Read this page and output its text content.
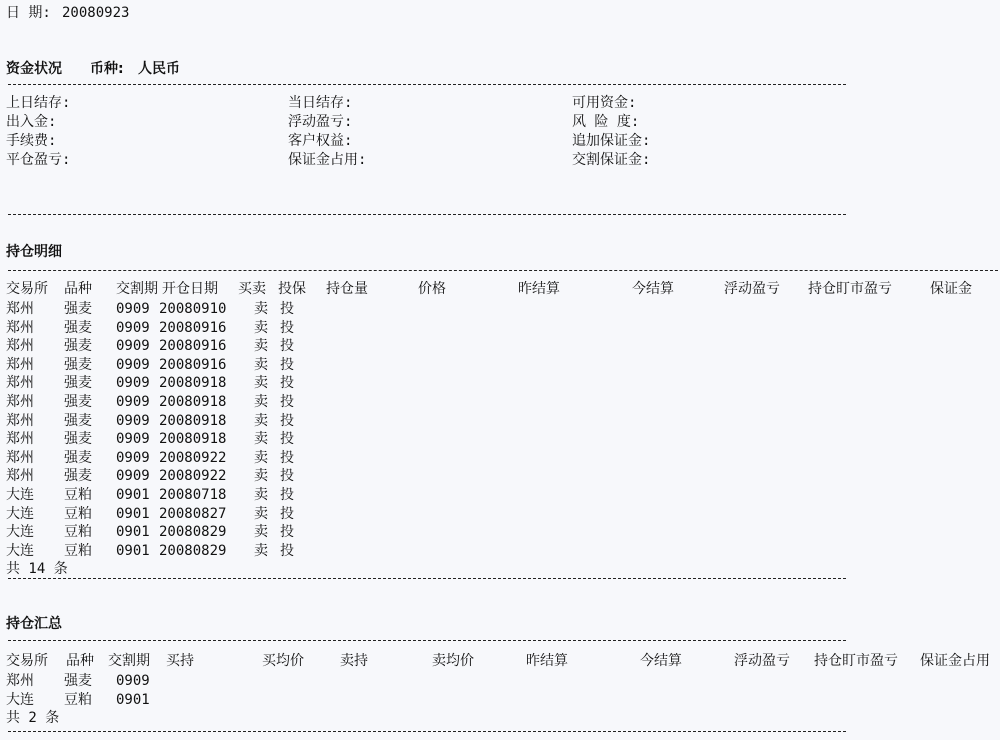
日 期:

20080923

资金状况

币种:

人民币

上日结存:	当日结存:	可用资金:
出入金:	浮动盈亏:	风 险 度:
手续费:	客户权益:	追加保证金:
平仓盈亏:	保证金占用:	交割保证金:

持仓明细

交易所 品种 交割期 开仓日期 买卖 投保 持仓量	价格	昨结算	今结算	浮动盈亏 持仓盯市盈亏	保证金
郑州 强麦 0909 20080910 卖 投
郑州 强麦 0909 20080916 卖 投
郑州 强麦 0909 20080916 卖 投
郑州 强麦 0909 20080916 卖 投
郑州 强麦 0909 20080918 卖 投
郑州 强麦 0909 20080918 卖 投
郑州 强麦 0909 20080918 卖 投
郑州 强麦 0909 20080918 卖 投
郑州 强麦 0909 20080922 卖 投
郑州 强麦 0909 20080922 卖 投
大连 豆粕 0901 20080718 卖 投
大连 豆粕 0901 20080827 卖 投
大连 豆粕 0901 20080829 卖 投
大连 豆粕 0901 20080829 卖 投
共 14 条

持仓汇总

交易所 品种 交割期 买持	买均价	卖持	卖均价	昨结算	今结算	浮动盈亏 持仓盯市盈亏 保证金占用
郑州 强麦 0909
大连 豆粕 0901
共 2 条
